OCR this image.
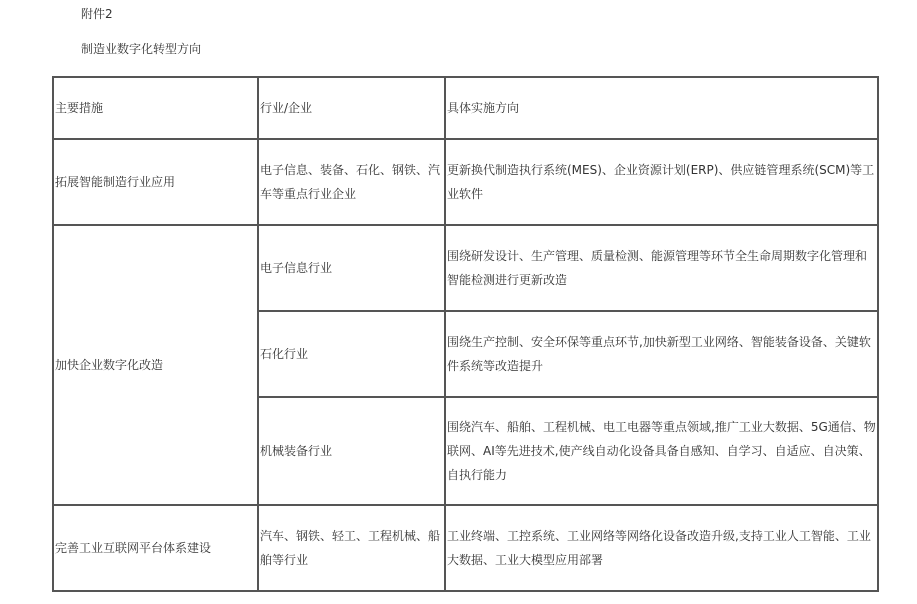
附件2
制造业数字化转型方向
主要措施	行业/企业	具体实施方向
拓展智能制造行业应用	电子信息、装备、石化、钢铁、汽车等重点行业企业	更新换代制造执行系统(MES)、企业资源计划(ERP)、供应链管理系统(SCM)等工业软件
加快企业数字化改造	电子信息行业	围绕研发设计、生产管理、质量检测、能源管理等环节全生命周期数字化管理和智能检测进行更新改造
	石化行业	围绕生产控制、安全环保等重点环节,加快新型工业网络、智能装备设备、关键软件系统等改造提升
	机械装备行业	围绕汽车、船舶、工程机械、电工电器等重点领域,推广工业大数据、5G通信、物联网、AI等先进技术,使产线自动化设备具备自感知、自学习、自适应、自决策、自执行能力
完善工业互联网平台体系建设	汽车、钢铁、轻工、工程机械、船舶等行业	工业终端、工控系统、工业网络等网络化设备改造升级,支持工业人工智能、工业大数据、工业大模型应用部署
